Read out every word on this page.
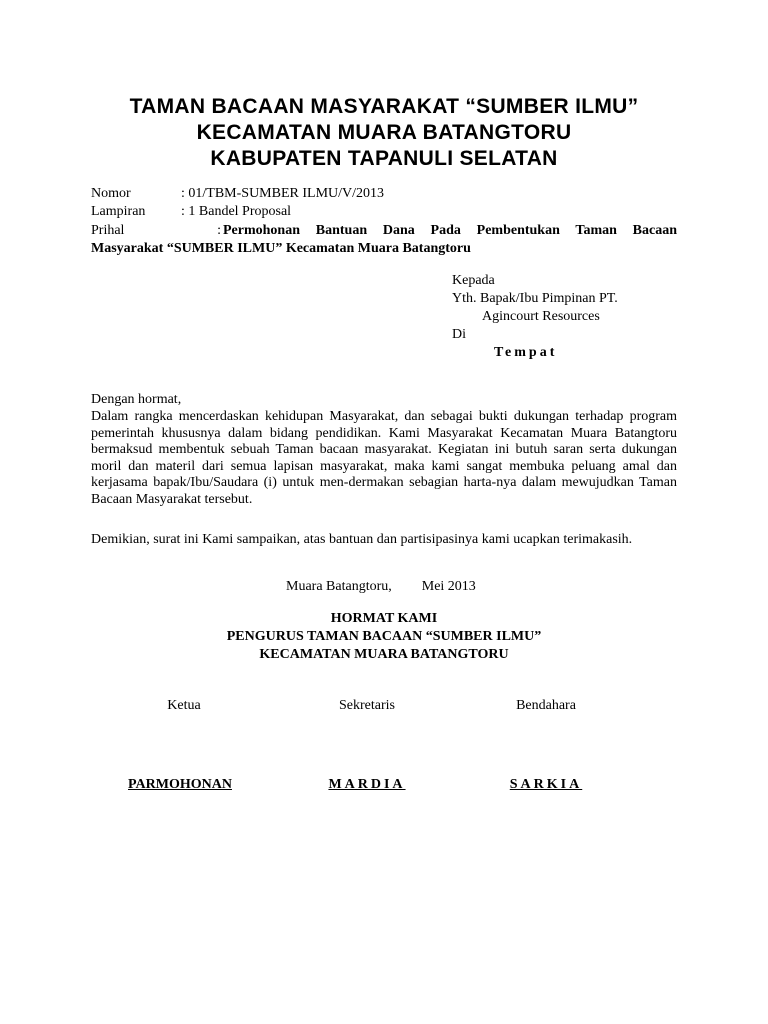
TAMAN BACAAN MASYARAKAT “SUMBER ILMU”
KECAMATAN MUARA BATANGTORU
KABUPATEN TAPANULI SELATAN
Nomor	: 01/TBM-SUMBER ILMU/V/2013
Lampiran	: 1 Bandel Proposal
Prihal	: Permohonan Bantuan Dana Pada Pembentukan Taman Bacaan
Masyarakat “SUMBER ILMU” Kecamatan Muara Batangtoru
Kepada
Yth. Bapak/Ibu Pimpinan PT.
Agincourt Resources
Di
Tempat
Dengan hormat,
Dalam rangka mencerdaskan kehidupan Masyarakat, dan sebagai bukti dukungan terhadap program pemerintah khususnya dalam bidang pendidikan. Kami Masyarakat Kecamatan Muara Batangtoru bermaksud membentuk sebuah Taman bacaan masyarakat. Kegiatan ini butuh saran serta dukungan moril dan materil dari semua lapisan masyarakat, maka kami sangat membuka peluang amal dan kerjasama bapak/Ibu/Saudara (i) untuk men-dermakan sebagian harta-nya dalam mewujudkan Taman Bacaan Masyarakat tersebut.
Demikian, surat ini Kami sampaikan, atas bantuan dan partisipasinya kami ucapkan terimakasih.
Muara Batangtoru, Mei 2013
HORMAT KAMI
PENGURUS TAMAN BACAAN “SUMBER ILMU”
KECAMATAN MUARA BATANGTORU
Ketua	Sekretaris	Bendahara
PARMOHONAN	MARDIA	SARKIA
